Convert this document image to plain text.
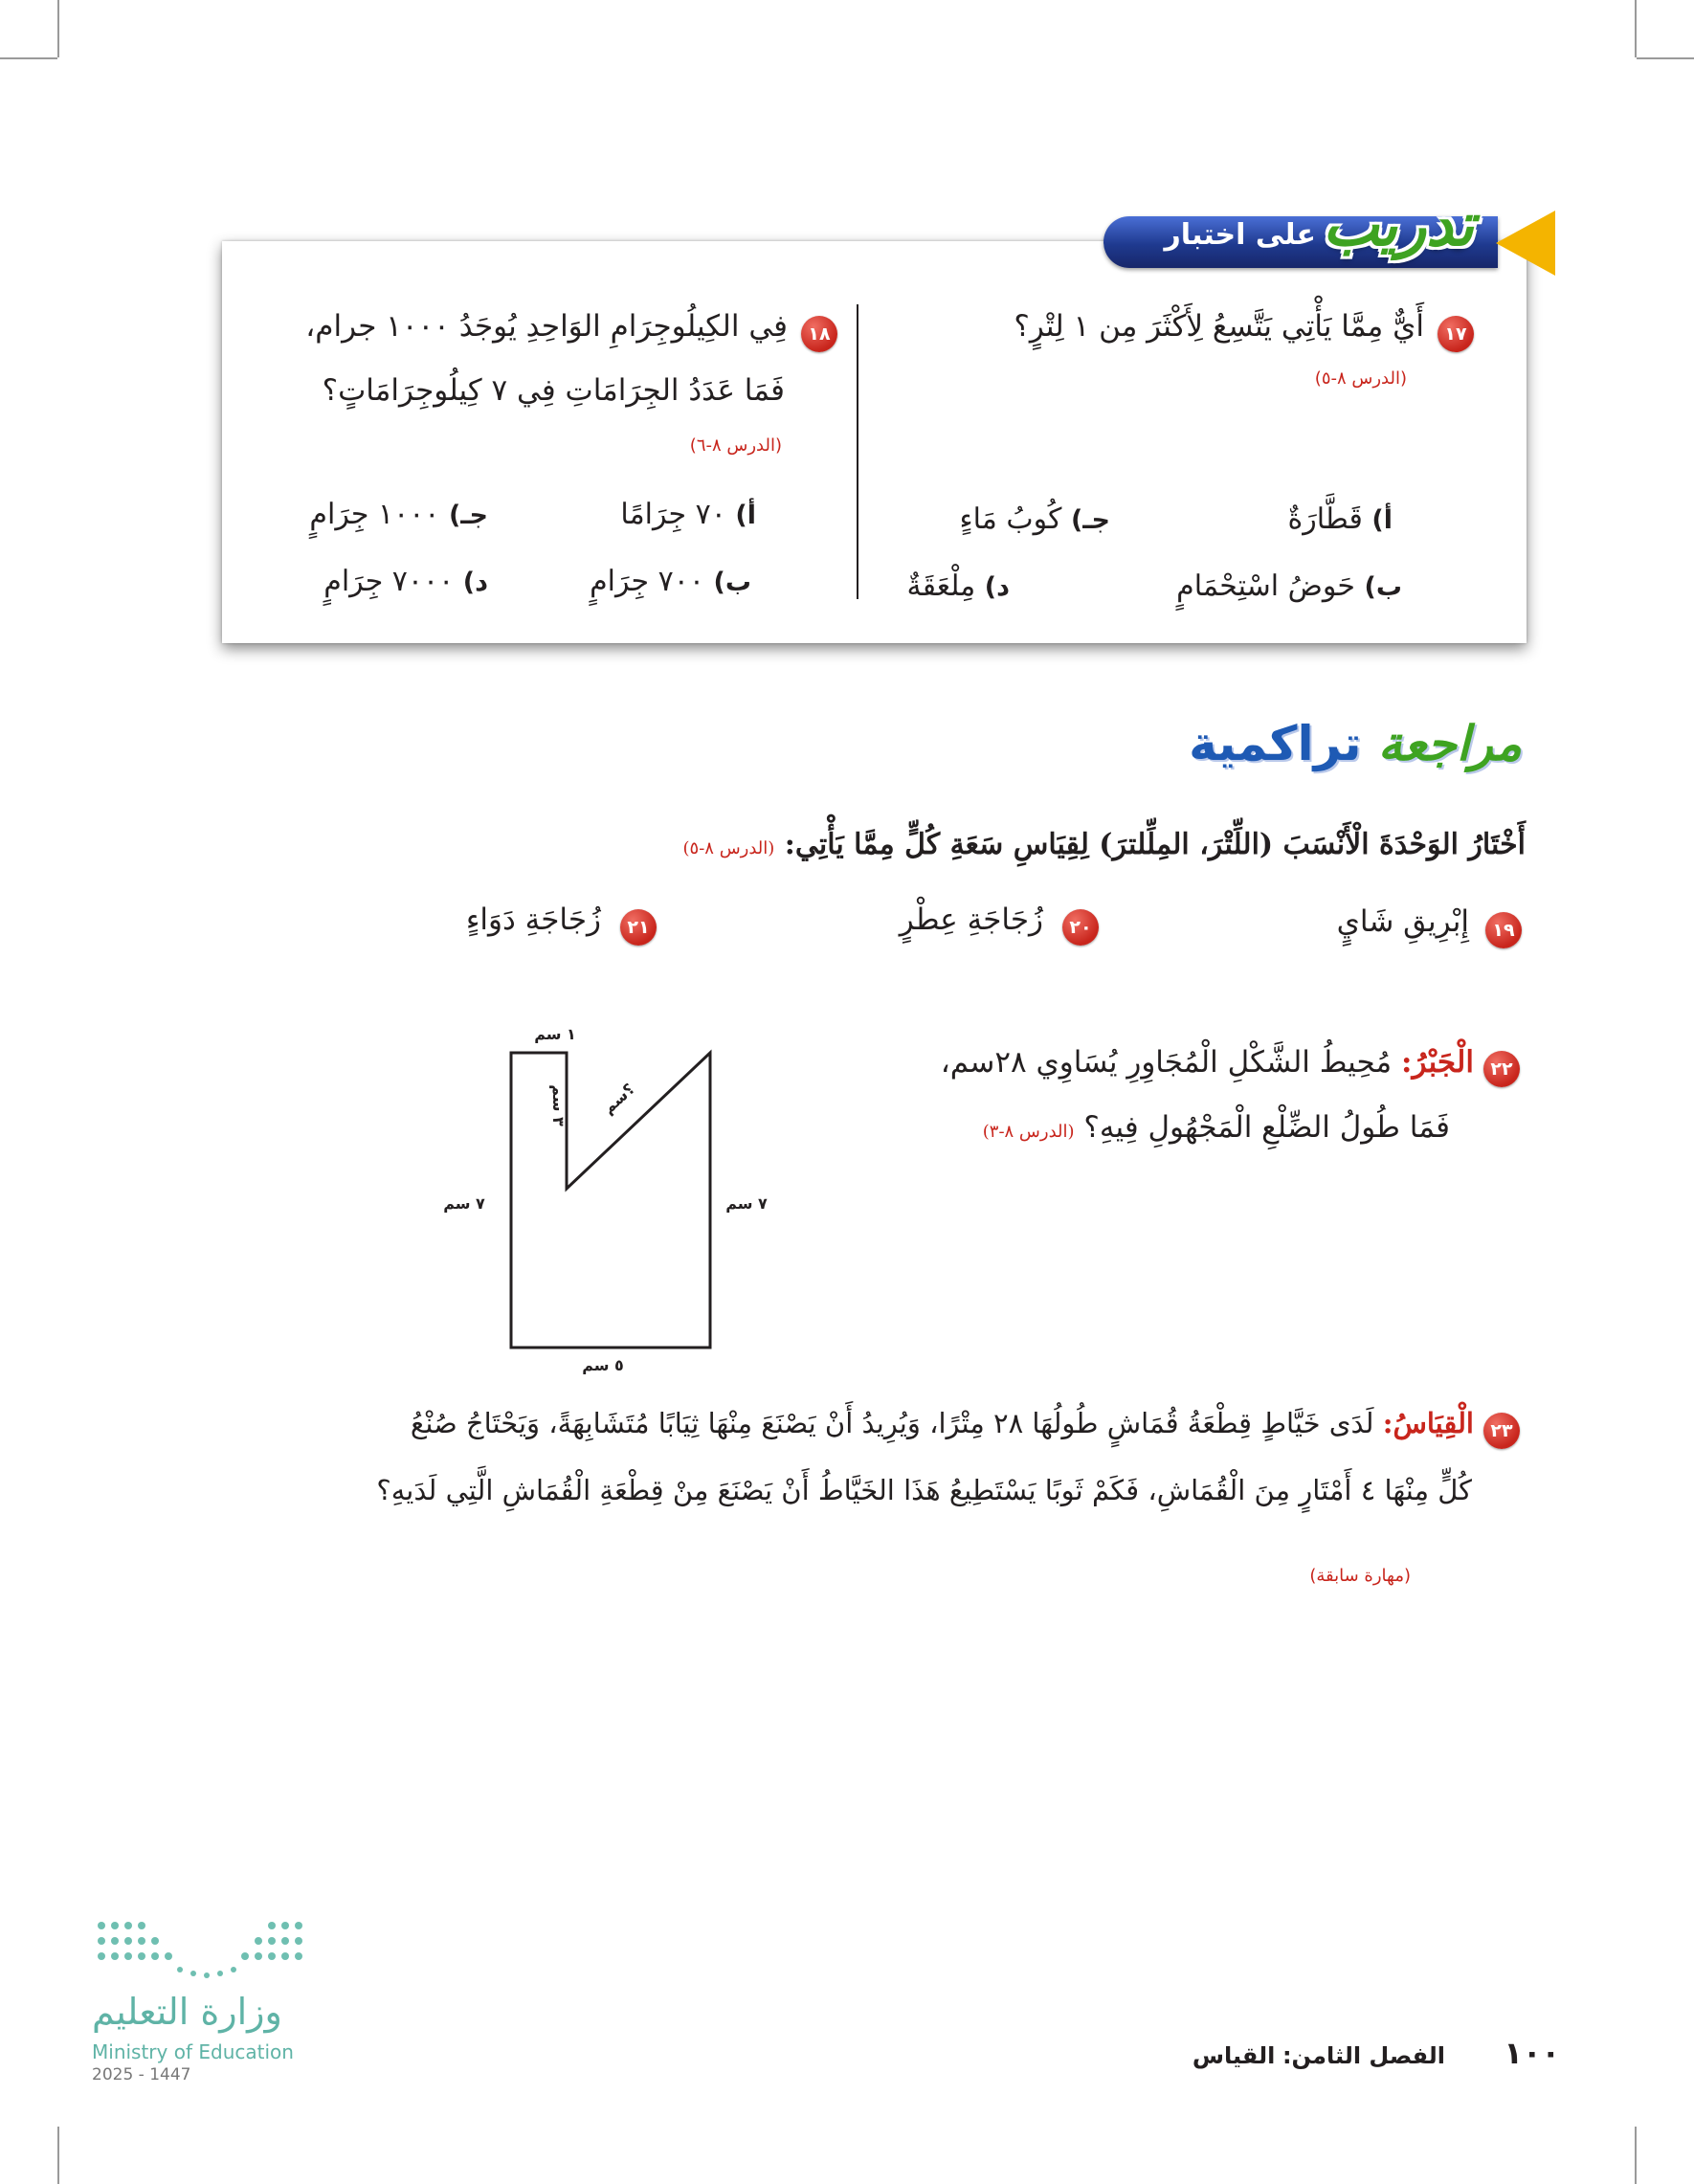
على اختبار تدريب
١٧
أَيٌّ مِمَّا يَأْتِي يَتَّسِعُ لِأَكْثَرَ مِن ١ لِتْرٍ؟
(الدرس ٨-٥)
أ) قَطَّارَةٌ
جـ) كُوبُ مَاءٍ
ب) حَوضُ اسْتِحْمَامٍ
د) مِلْعَقَةٌ
١٨
فِي الكِيلُوجِرَامِ الوَاحِدِ يُوجَدُ ١٠٠٠ جرام،
فَمَا عَدَدُ الجِرَامَاتِ فِي ٧ كِيلُوجِرَامَاتٍ؟
(الدرس ٨-٦)
أ) ٧٠ جِرَامًا
جـ) ١٠٠٠ جِرَامٍ
ب) ٧٠٠ جِرَامٍ
د) ٧٠٠٠ جِرَامٍ
مراجعة تراكمية
أَخْتَارُ الوَحْدَةَ الْأَنْسَبَ (اللِّتْرَ، المِلِّلترَ) لِقِيَاسِ سَعَةِ كُلٍّ مِمَّا يَأْتِي: (الدرس ٨-٥)
١٩
إِبْرِيقِ شَايٍ
٢٠
زُجَاجَةِ عِطْرٍ
٢١
زُجَاجَةِ دَوَاءٍ
٢٢
الْجَبْرُ: مُحِيطُ الشَّكْلِ الْمُجَاوِرِ يُسَاوِي ٢٨سم،
فَمَا طُولُ الضِّلْعِ الْمَجْهُولِ فِيهِ؟ (الدرس ٨-٣)
١ سم
٣ سم
؟سم
٧ سم	٧ سم
٥ سم
٢٣
الْقِيَاسُ: لَدَى خَيَّاطٍ قِطْعَةُ قُمَاشٍ طُولُهَا ٢٨ مِتْرًا، وَيُرِيدُ أَنْ يَصْنَعَ مِنْهَا ثِيَابًا مُتَشَابِهَةً، وَيَحْتَاجُ صُنْعُ
كُلٍّ مِنْهَا ٤ أَمْتَارٍ مِنَ الْقُمَاشِ، فَكَمْ ثَوبًا يَسْتَطِيعُ هَذَا الخَيَّاطُ أَنْ يَصْنَعَ مِنْ قِطْعَةِ الْقُمَاشِ الَّتِي لَدَيهِ؟
(مهارة سابقة)
وزارة التعليم
Ministry of Education
2025 - 1447
الفصل الثامن: القياس	١٠٠
